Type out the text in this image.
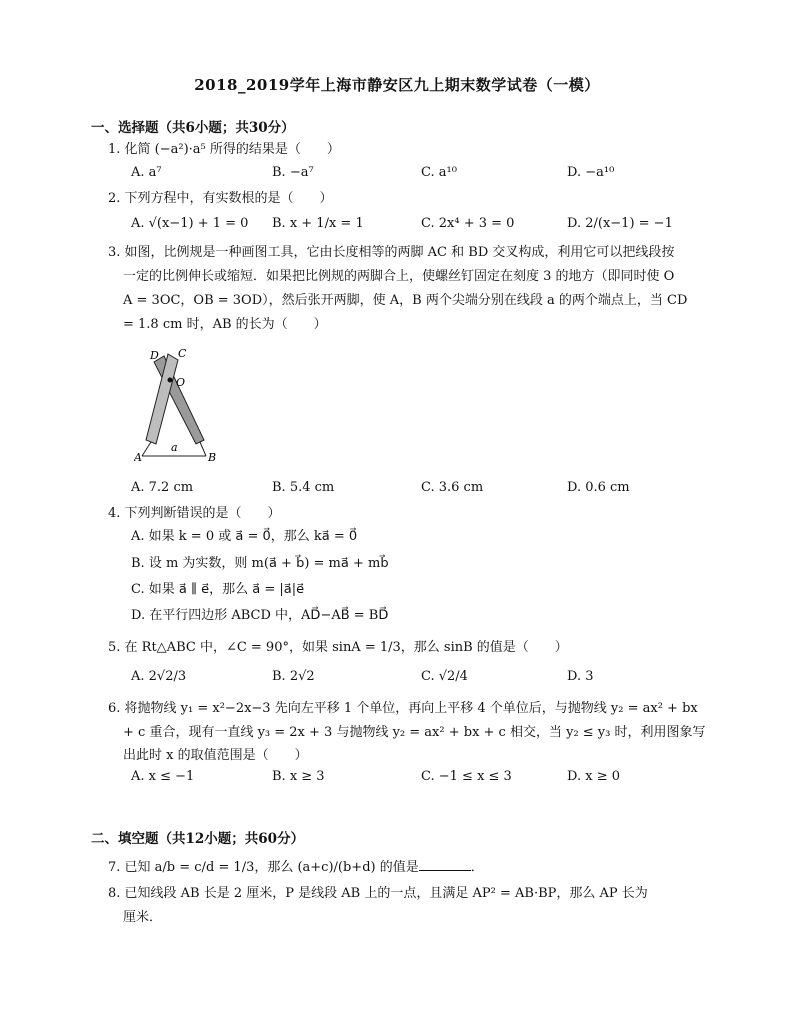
2018_2019学年上海市静安区九上期末数学试卷（一模）
一、选择题（共6小题；共30分）
1. 化简 (−a²)·a⁵ 所得的结果是（　　）
A. a⁷	B. −a⁷	C. a¹⁰	D. −a¹⁰
2. 下列方程中，有实数根的是（　　）
A. √(x−1) + 1 = 0 B. x + 1/x = 1	C. 2x⁴ + 3 = 0	D. 2/(x−1) = −1
3. 如图，比例规是一种画图工具，它由长度相等的两脚 AC 和 BD 交叉构成，利用它可以把线段按
一定的比例伸长或缩短．如果把比例规的两脚合上，使螺丝钉固定在刻度 3 的地方（即同时使 O
A = 3OC，OB = 3OD），然后张开两脚，使 A，B 两个尖端分别在线段 a 的两个端点上，当 CD
= 1.8 cm 时，AB 的长为（　　）
D C
O
a
A	B
A. 7.2 cm	B. 5.4 cm	C. 3.6 cm	D. 0.6 cm
4. 下列判断错误的是（　　）
A. 如果 k = 0 或 a⃗ = 0⃗，那么 ka⃗ = 0⃗
B. 设 m 为实数，则 m(a⃗ + b⃗) = ma⃗ + mb⃗
C. 如果 a⃗ ∥ e⃗，那么 a⃗ = |a⃗|e⃗
D. 在平行四边形 ABCD 中，AD⃗−AB⃗ = BD⃗
5. 在 Rt△ABC 中，∠C = 90°，如果 sinA = 1/3，那么 sinB 的值是（　　）
A. 2√2/3	B. 2√2	C. √2/4	D. 3
6. 将抛物线 y₁ = x²−2x−3 先向左平移 1 个单位，再向上平移 4 个单位后，与抛物线 y₂ = ax² + bx
+ c 重合，现有一直线 y₃ = 2x + 3 与抛物线 y₂ = ax² + bx + c 相交，当 y₂ ≤ y₃ 时，利用图象写
出此时 x 的取值范围是（　　）
A. x ≤ −1	B. x ≥ 3	C. −1 ≤ x ≤ 3	D. x ≥ 0
二、填空题（共12小题；共60分）
7. 已知 a/b = c/d = 1/3，那么 (a+c)/(b+d) 的值是	．
8. 已知线段 AB 长是 2 厘米，P 是线段 AB 上的一点，且满足 AP² = AB·BP，那么 AP 长为
厘米．
